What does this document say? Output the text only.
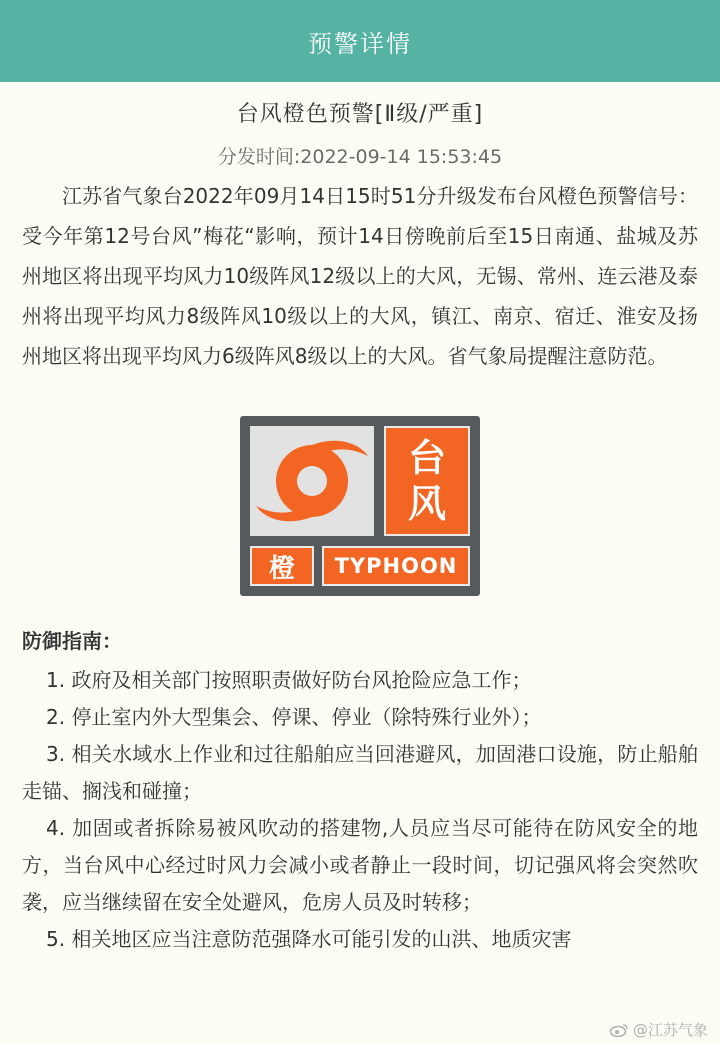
预警详情
台风橙色预警[Ⅱ级/严重]
分发时间:2022-09-14 15:53:45
江苏省气象台2022年09月14日15时51分升级发布台风橙色预警信号：受今年第12号台风”梅花“影响，预计14日傍晚前后至15日南通、盐城及苏州地区将出现平均风力10级阵风12级以上的大风，无锡、常州、连云港及泰州将出现平均风力8级阵风10级以上的大风，镇江、南京、宿迁、淮安及扬州地区将出现平均风力6级阵风8级以上的大风。省气象局提醒注意防范。
台
风
橙	TYPHOON
防御指南：
1. 政府及相关部门按照职责做好防台风抢险应急工作；
2. 停止室内外大型集会、停课、停业（除特殊行业外）；
3. 相关水域水上作业和过往船舶应当回港避风，加固港口设施，防止船舶走锚、搁浅和碰撞；
4. 加固或者拆除易被风吹动的搭建物,人员应当尽可能待在防风安全的地方，当台风中心经过时风力会减小或者静止一段时间，切记强风将会突然吹袭，应当继续留在安全处避风，危房人员及时转移；
5. 相关地区应当注意防范强降水可能引发的山洪、地质灾害
@江苏气象
